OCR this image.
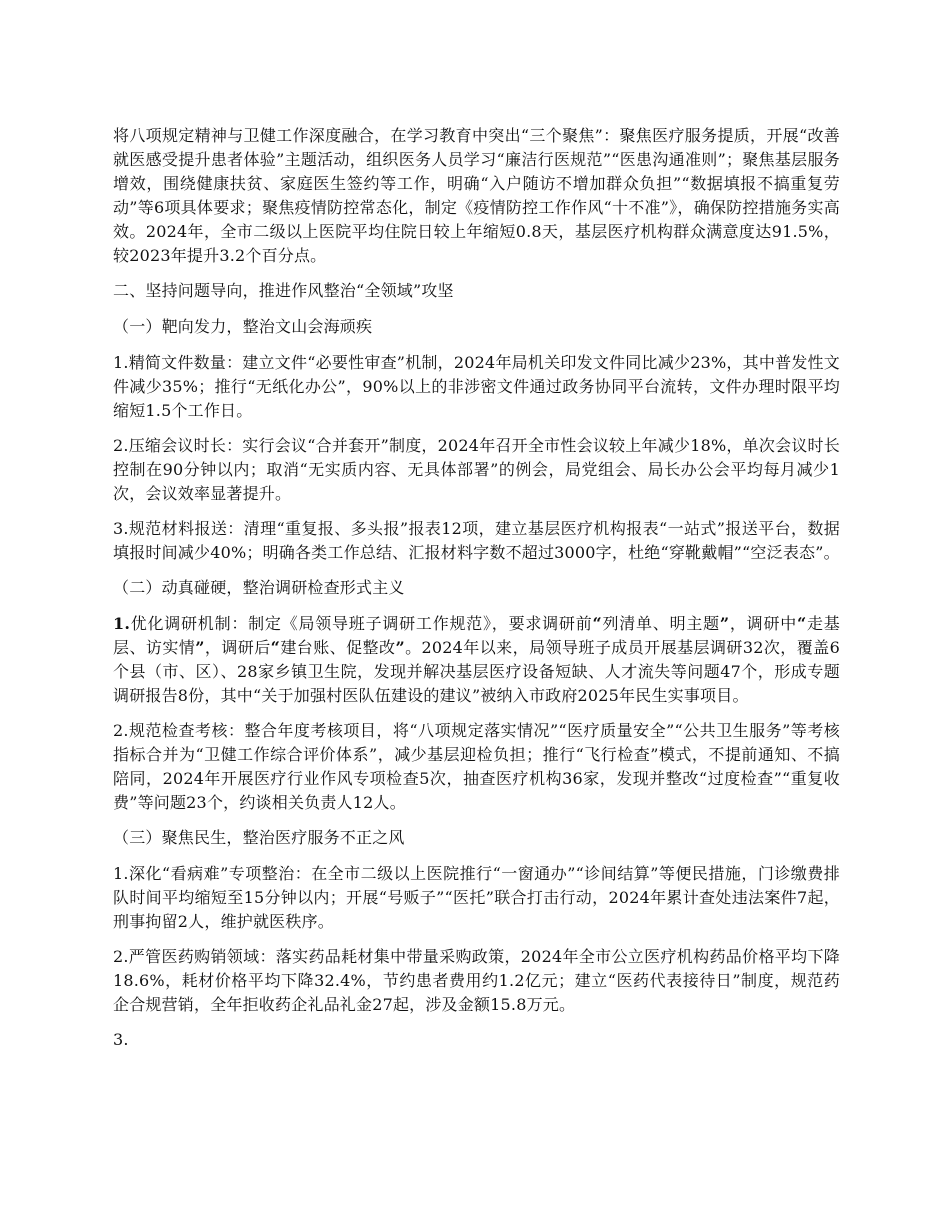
将八项规定精神与卫健工作深度融合，在学习教育中突出“三个聚焦”：聚焦医疗服务提质，开展“改善就医感受提升患者体验”主题活动，组织医务人员学习“廉洁行医规范”“医患沟通准则”；聚焦基层服务增效，围绕健康扶贫、家庭医生签约等工作，明确“入户随访不增加群众负担”“数据填报不搞重复劳动”等6项具体要求；聚焦疫情防控常态化，制定《疫情防控工作作风“十不准”》，确保防控措施务实高效。2024年，全市二级以上医院平均住院日较上年缩短0.8天，基层医疗机构群众满意度达91.5%，较2023年提升3.2个百分点。

二、坚持问题导向，推进作风整治“全领域”攻坚

（一）靶向发力，整治文山会海顽疾

1.精简文件数量：建立文件“必要性审查”机制，2024年局机关印发文件同比减少23%，其中普发性文件减少35%；推行“无纸化办公”，90%以上的非涉密文件通过政务协同平台流转，文件办理时限平均缩短1.5个工作日。

2.压缩会议时长：实行会议“合并套开”制度，2024年召开全市性会议较上年减少18%，单次会议时长控制在90分钟以内；取消“无实质内容、无具体部署”的例会，局党组会、局长办公会平均每月减少1次，会议效率显著提升。

3.规范材料报送：清理“重复报、多头报”报表12项，建立基层医疗机构报表“一站式”报送平台，数据填报时间减少40%；明确各类工作总结、汇报材料字数不超过3000字，杜绝“穿靴戴帽”“空泛表态”。

（二）动真碰硬，整治调研检查形式主义

1.优化调研机制：制定《局领导班子调研工作规范》，要求调研前“列清单、明主题”，调研中“走基层、访实情”，调研后“建台账、促整改”。2024年以来，局领导班子成员开展基层调研32次，覆盖6个县（市、区）、28家乡镇卫生院，发现并解决基层医疗设备短缺、人才流失等问题47个，形成专题调研报告8份，其中“关于加强村医队伍建设的建议”被纳入市政府2025年民生实事项目。

2.规范检查考核：整合年度考核项目，将“八项规定落实情况”“医疗质量安全”“公共卫生服务”等考核指标合并为“卫健工作综合评价体系”，减少基层迎检负担；推行“飞行检查”模式，不提前通知、不搞陪同，2024年开展医疗行业作风专项检查5次，抽查医疗机构36家，发现并整改“过度检查”“重复收费”等问题23个，约谈相关负责人12人。

（三）聚焦民生，整治医疗服务不正之风

1.深化“看病难”专项整治：在全市二级以上医院推行“一窗通办”“诊间结算”等便民措施，门诊缴费排队时间平均缩短至15分钟以内；开展“号贩子”“医托”联合打击行动，2024年累计查处违法案件7起，刑事拘留2人，维护就医秩序。

2.严管医药购销领域：落实药品耗材集中带量采购政策，2024年全市公立医疗机构药品价格平均下降18.6%，耗材价格平均下降32.4%，节约患者费用约1.2亿元；建立“医药代表接待日”制度，规范药企合规营销，全年拒收药企礼品礼金27起，涉及金额15.8万元。

3.
